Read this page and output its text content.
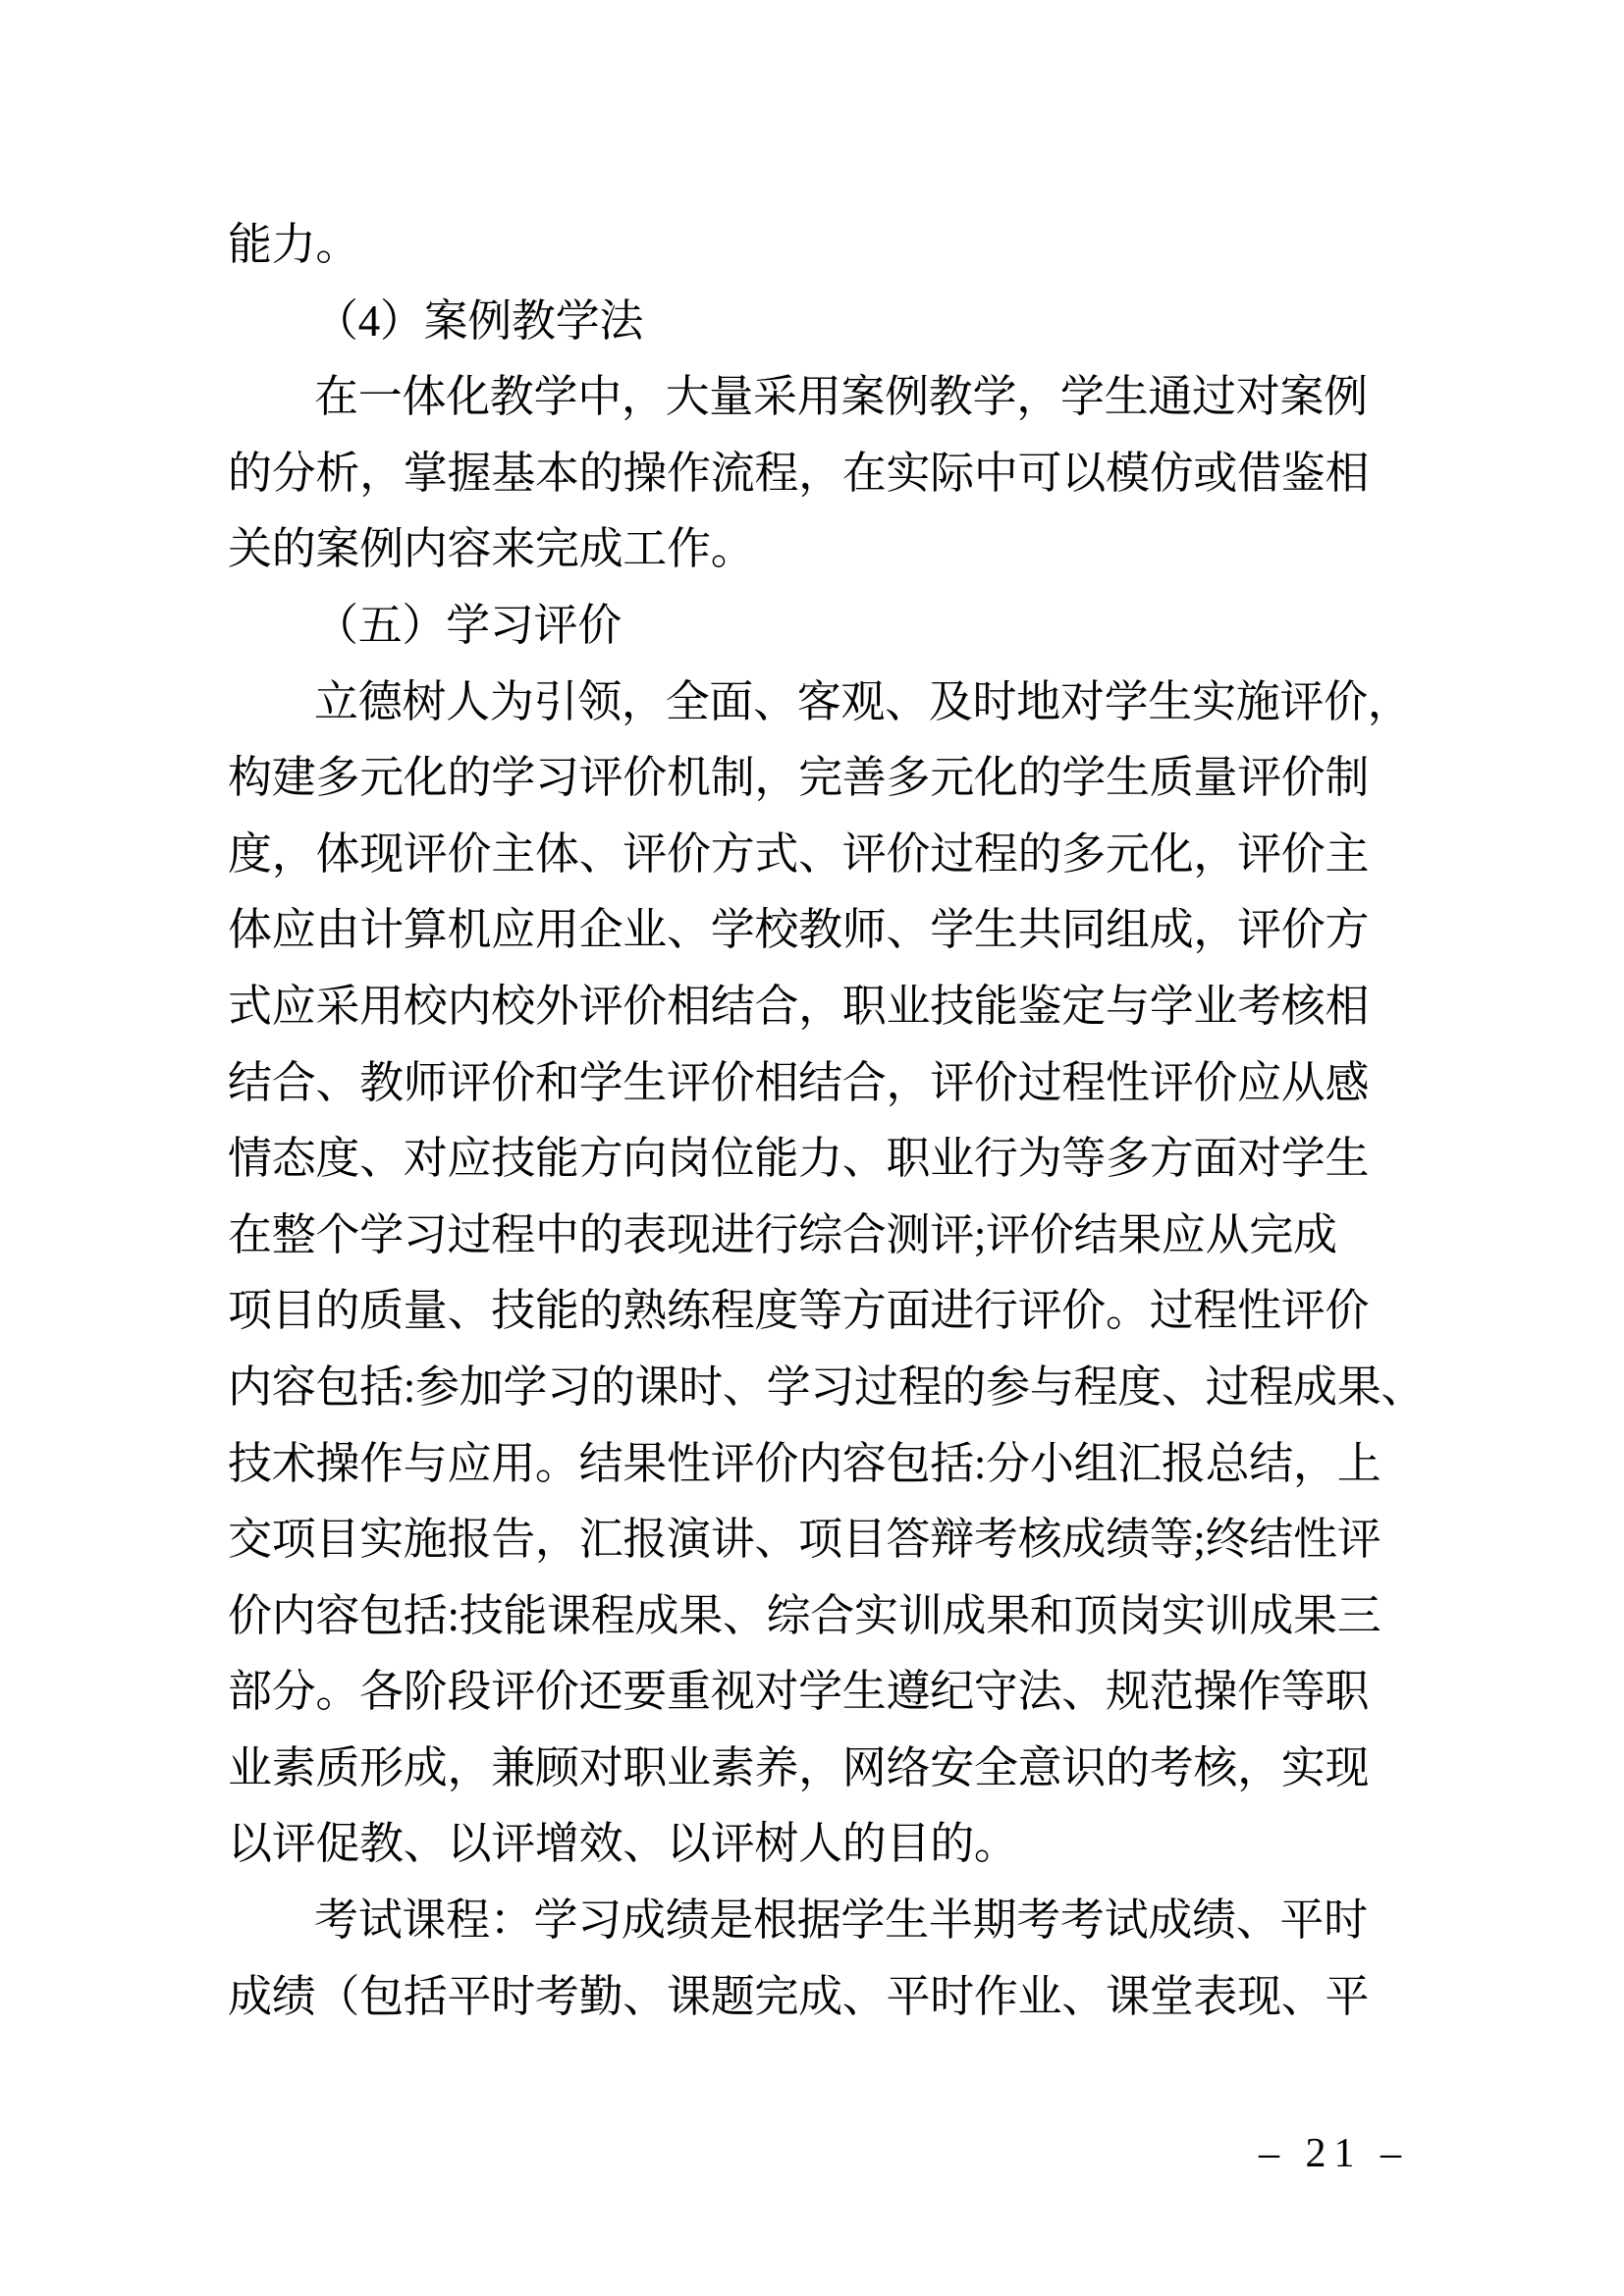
能力。
（4）案例教学法
在一体化教学中，大量采用案例教学，学生通过对案例
的分析，掌握基本的操作流程，在实际中可以模仿或借鉴相
关的案例内容来完成工作。
（五）学习评价
立德树人为引领，全面、客观、及时地对学生实施评价，
构建多元化的学习评价机制，完善多元化的学生质量评价制
度，体现评价主体、评价方式、评价过程的多元化，评价主
体应由计算机应用企业、学校教师、学生共同组成，评价方
式应采用校内校外评价相结合，职业技能鉴定与学业考核相
结合、教师评价和学生评价相结合，评价过程性评价应从感
情态度、对应技能方向岗位能力、职业行为等多方面对学生
在整个学习过程中的表现进行综合测评;评价结果应从完成
项目的质量、技能的熟练程度等方面进行评价。过程性评价
内容包括:参加学习的课时、学习过程的参与程度、过程成果、
技术操作与应用。结果性评价内容包括:分小组汇报总结，上
交项目实施报告，汇报演讲、项目答辩考核成绩等;终结性评
价内容包括:技能课程成果、综合实训成果和顶岗实训成果三
部分。各阶段评价还要重视对学生遵纪守法、规范操作等职
业素质形成，兼顾对职业素养，网络安全意识的考核，实现
以评促教、以评增效、以评树人的目的。
考试课程：学习成绩是根据学生半期考考试成绩、平时
成绩（包括平时考勤、课题完成、平时作业、课堂表现、平
– 21 –
